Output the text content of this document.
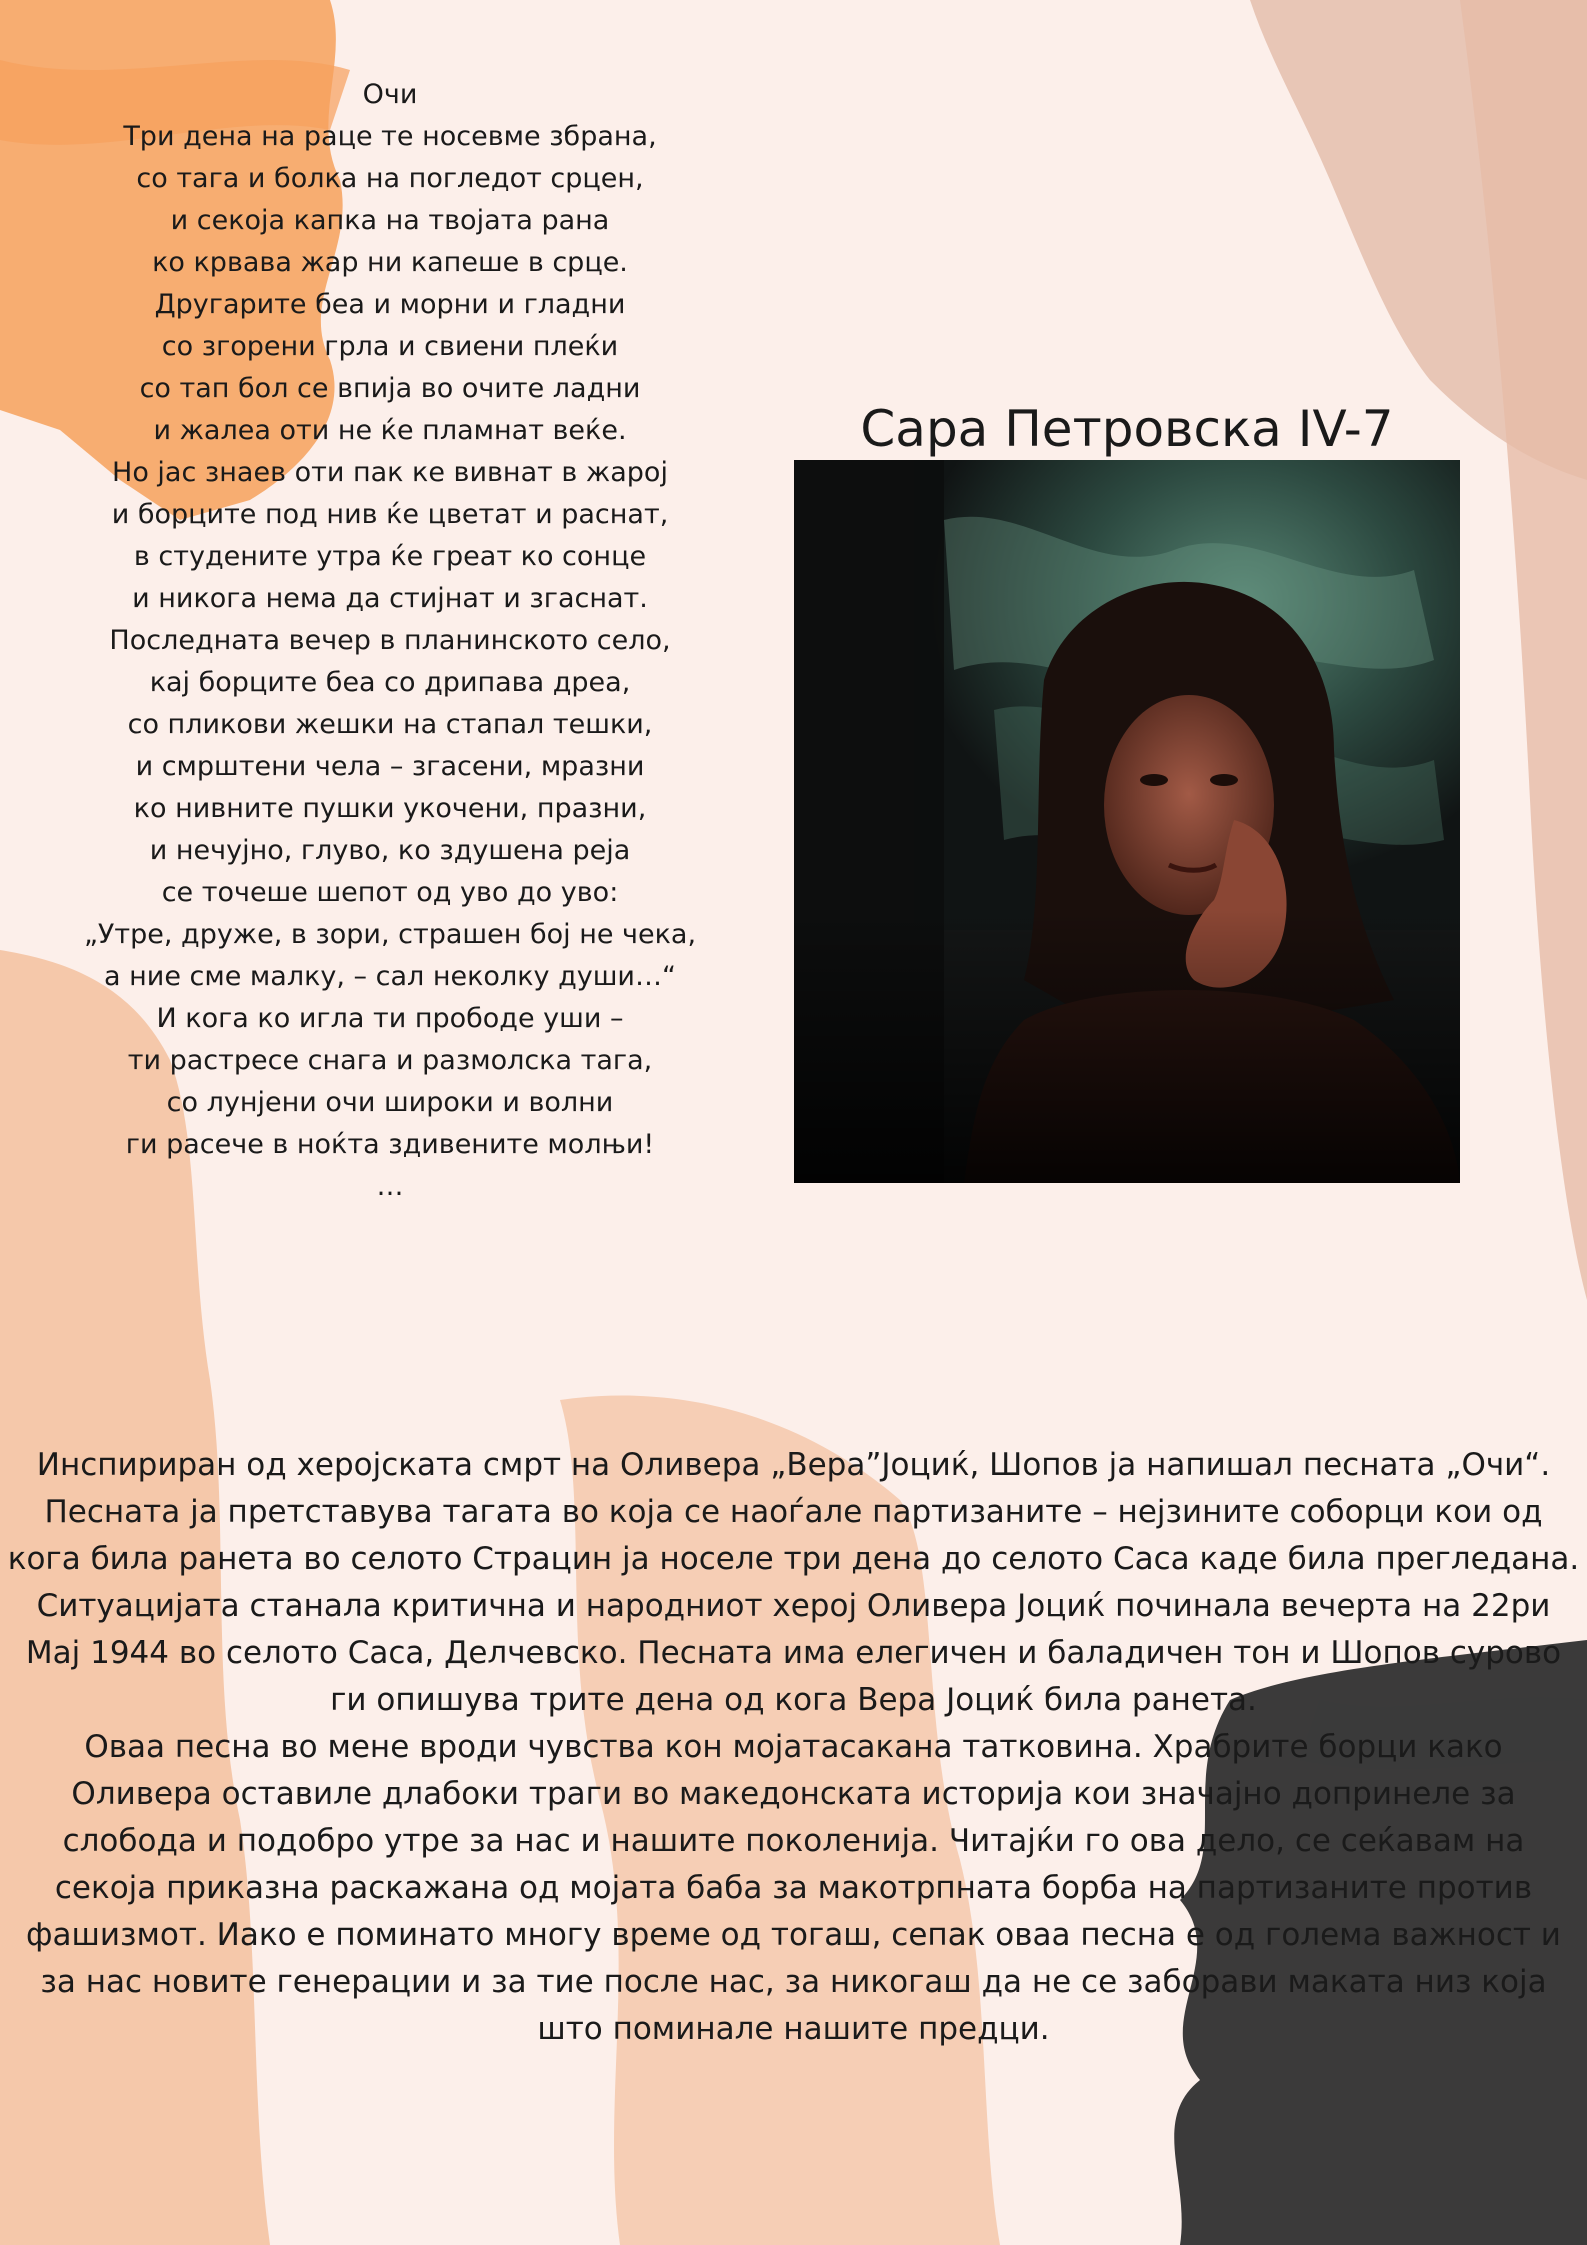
Очи
Три дена на раце те носевме збрана,
со тага и болка на погледот срцен,
и секоја капка на твојата рана
ко крвава жар ни капеше в срце.
Другарите беа и морни и гладни
со згорени грла и свиени плеќи
со тап бол се впија во очите ладни
и жалеа оти не ќе пламнат веќе.
Но јас знаев оти пак ке вивнат в жарој
и борците под нив ќе цветат и раснат,
в студените утра ќе греат ко сонце
и никога нема да стијнат и згаснат.
Последната вечер в планинското село,
кај борците беа со дрипава дреа,
со пликови жешки на стапал тешки,
и смрштени чела – згасени, мразни
ко нивните пушки укочени, празни,
и нечујно, глуво, ко здушена реја
се точеше шепот од уво до уво:
„Утре, друже, в зори, страшен бој не чека,
а ние сме малку, – сал неколку души…“
И кога ко игла ти прободе уши –
ти растресе снага и размолска тага,
со лунјени очи широки и волни
ги расече в ноќта здивените молњи!
…
Сара Петровска IV-7
Инспириран од херојската смрт на Оливера „Вера”Јоциќ, Шопов ја напишал песната „Очи“.
Песната ја претставува тагата во која се наоѓале партизаните – нејзините соборци кои од
кога била ранета во селото Страцин ја носеле три дена до селото Саса каде била прегледана.
Ситуацијата станала критична и народниот херој Оливера Јоциќ починала вечерта на 22ри
Мај 1944 во селото Саса, Делчевско. Песната има елегичен и баладичен тон и Шопов сурово
ги опишува трите дена од кога Вера Јоциќ била ранета.
Оваа песна во мене вроди чувства кон мојатасакана татковина. Храбрите борци како
Оливера оставиле длабоки траги во македонската историја кои значајно допринеле за
слобода и подобро утре за нас и нашите поколенија. Читајќи го ова дело, се сеќавам на
секоја приказна раскажана од мојата баба за макотрпната борба на партизаните против
фашизмот. Иако е поминато многу време од тогаш, сепак оваа песна е од голема важност и
за нас новите генерации и за тие после нас, за никогаш да не се заборави маката низ која
што поминале нашите предци.
